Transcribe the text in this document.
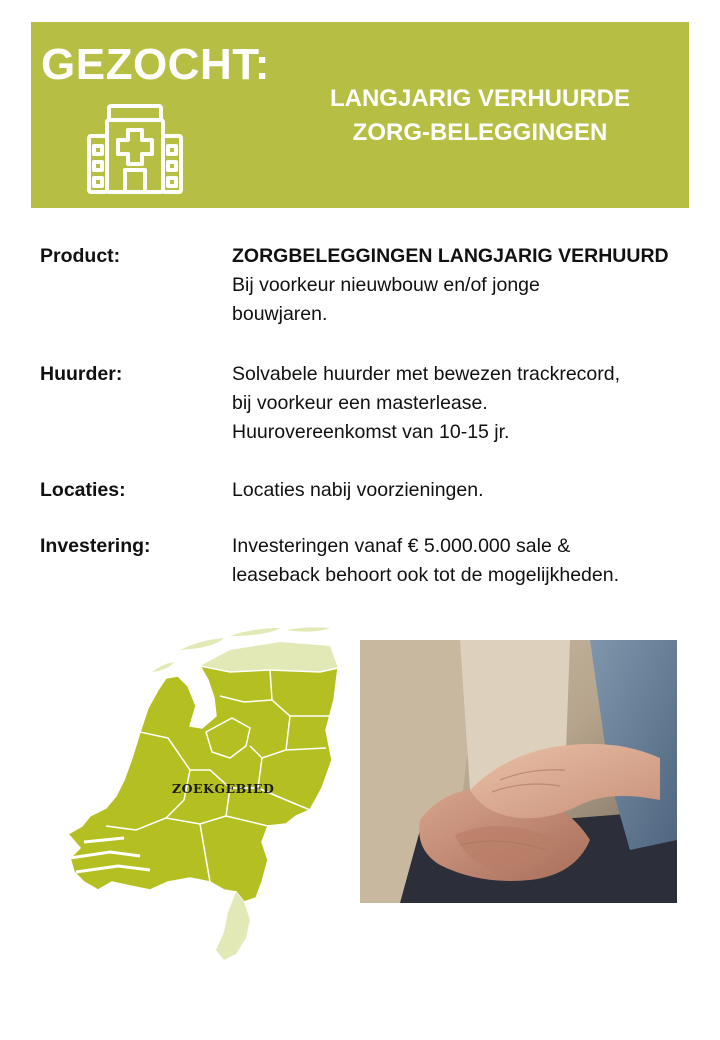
GEZOCHT:
LANGJARIG VERHUURDE
ZORG-BELEGGINGEN
Product:	ZORGBELEGGINGEN LANGJARIG VERHUURD
Bij voorkeur nieuwbouw en/of jonge
bouwjaren.
Huurder:	Solvabele huurder met bewezen trackrecord,
bij voorkeur een masterlease.
Huurovereenkomst van 10-15 jr.
Locaties:	Locaties nabij voorzieningen.
Investering:	Investeringen vanaf € 5.000.000 sale &
leaseback behoort ook tot de mogelijkheden.
ZOEKGEBIED
